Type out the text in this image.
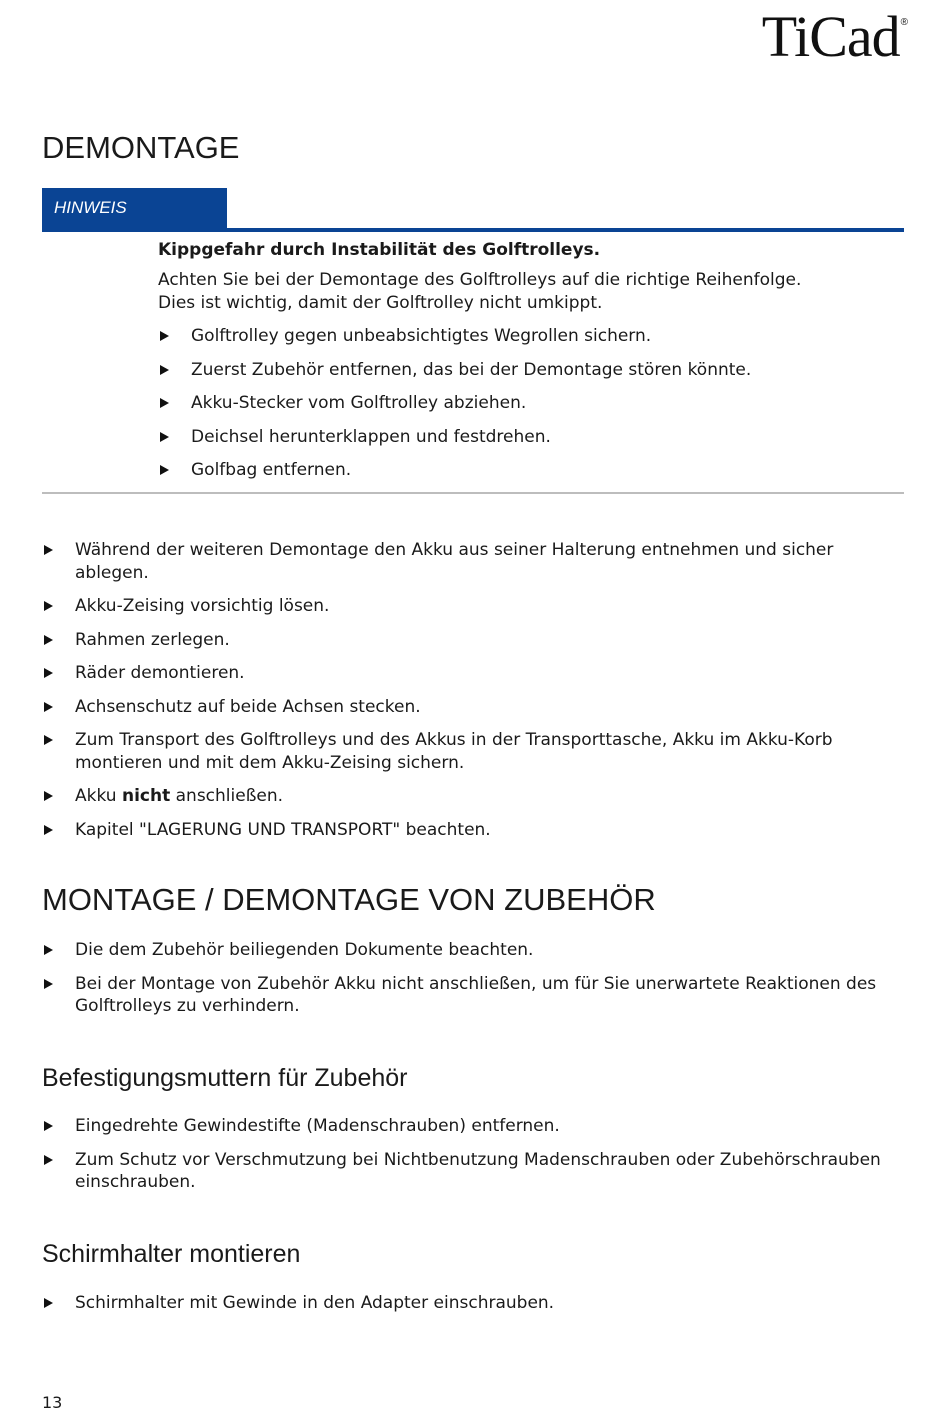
TiCad®
DEMONTAGE
HINWEIS
Kippgefahr durch Instabilität des Golftrolleys.
Achten Sie bei der Demontage des Golftrolleys auf die richtige Reihenfolge.
Dies ist wichtig, damit der Golftrolley nicht umkippt.
Golftrolley gegen unbeabsichtigtes Wegrollen sichern.
Zuerst Zubehör entfernen, das bei der Demontage stören könnte.
Akku-Stecker vom Golftrolley abziehen.
Deichsel herunterklappen und festdrehen.
Golfbag entfernen.
Während der weiteren Demontage den Akku aus seiner Halterung entnehmen und sicher ablegen.
Akku-Zeising vorsichtig lösen.
Rahmen zerlegen.
Räder demontieren.
Achsenschutz auf beide Achsen stecken.
Zum Transport des Golftrolleys und des Akkus in der Transporttasche, Akku im Akku-Korb montieren und mit dem Akku-Zeising sichern.
Akku nicht anschließen.
Kapitel "LAGERUNG UND TRANSPORT" beachten.
MONTAGE / DEMONTAGE VON ZUBEHÖR
Die dem Zubehör beiliegenden Dokumente beachten.
Bei der Montage von Zubehör Akku nicht anschließen, um für Sie unerwartete Reaktionen des Golftrolleys zu verhindern.
Befestigungsmuttern für Zubehör
Eingedrehte Gewindestifte (Madenschrauben) entfernen.
Zum Schutz vor Verschmutzung bei Nichtbenutzung Madenschrauben oder Zubehörschrauben einschrauben.
Schirmhalter montieren
Schirmhalter mit Gewinde in den Adapter einschrauben.
13
